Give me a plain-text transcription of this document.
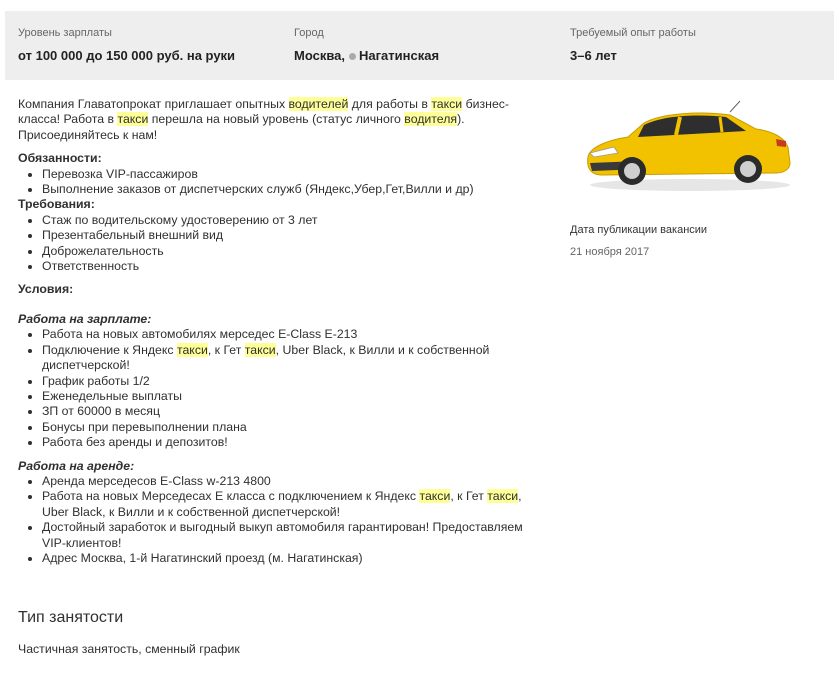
Уровень зарплаты
от 100 000 до 150 000 руб. на руки
Город
Москва, Нагатинская
Требуемый опыт работы
3–6 лет

Компания Главатопрокат приглашает опытных водителей для работы в такси бизнес-класса! Работа в такси перешла на новый уровень (статус личного водителя). Присоединяйтесь к нам!

Обязанности:

• Перевозка VIP-пассажиров
• Выполнение заказов от диспетчерских служб (Яндекс,Убер,Гет,Вилли и др)

Требования:

• Стаж по водительскому удостоверению от 3 лет
• Презентабельный внешний вид
• Доброжелательность
• Ответственность

Условия:

Работа на зарплате:

• Работа на новых автомобилях мерседес Е-Class E-213
• Подключение к Яндекс такси, к Гет такси, Uber Black, к Вилли и к собственной диспетчерской!
• График работы 1/2
• Еженедельные выплаты
• ЗП от 60000 в месяц
• Бонусы при перевыполнении плана
• Работа без аренды и депозитов!

Работа на аренде:

• Аренда мерседесов E-Class w-213 4800
• Работа на новых Мерседесах Е класса с подключением к Яндекс такси, к Гет такси, Uber Black, к Вилли и к собственной диспетчерской!
• Достойный заработок и выгодный выкуп автомобиля гарантирован! Предоставляем VIP-клиентов!
• Адрес Москва, 1-й Нагатинский проезд (м. Нагатинская)
Тип занятости
Частичная занятость, сменный график
Дата публикации вакансии
21 ноября 2017
